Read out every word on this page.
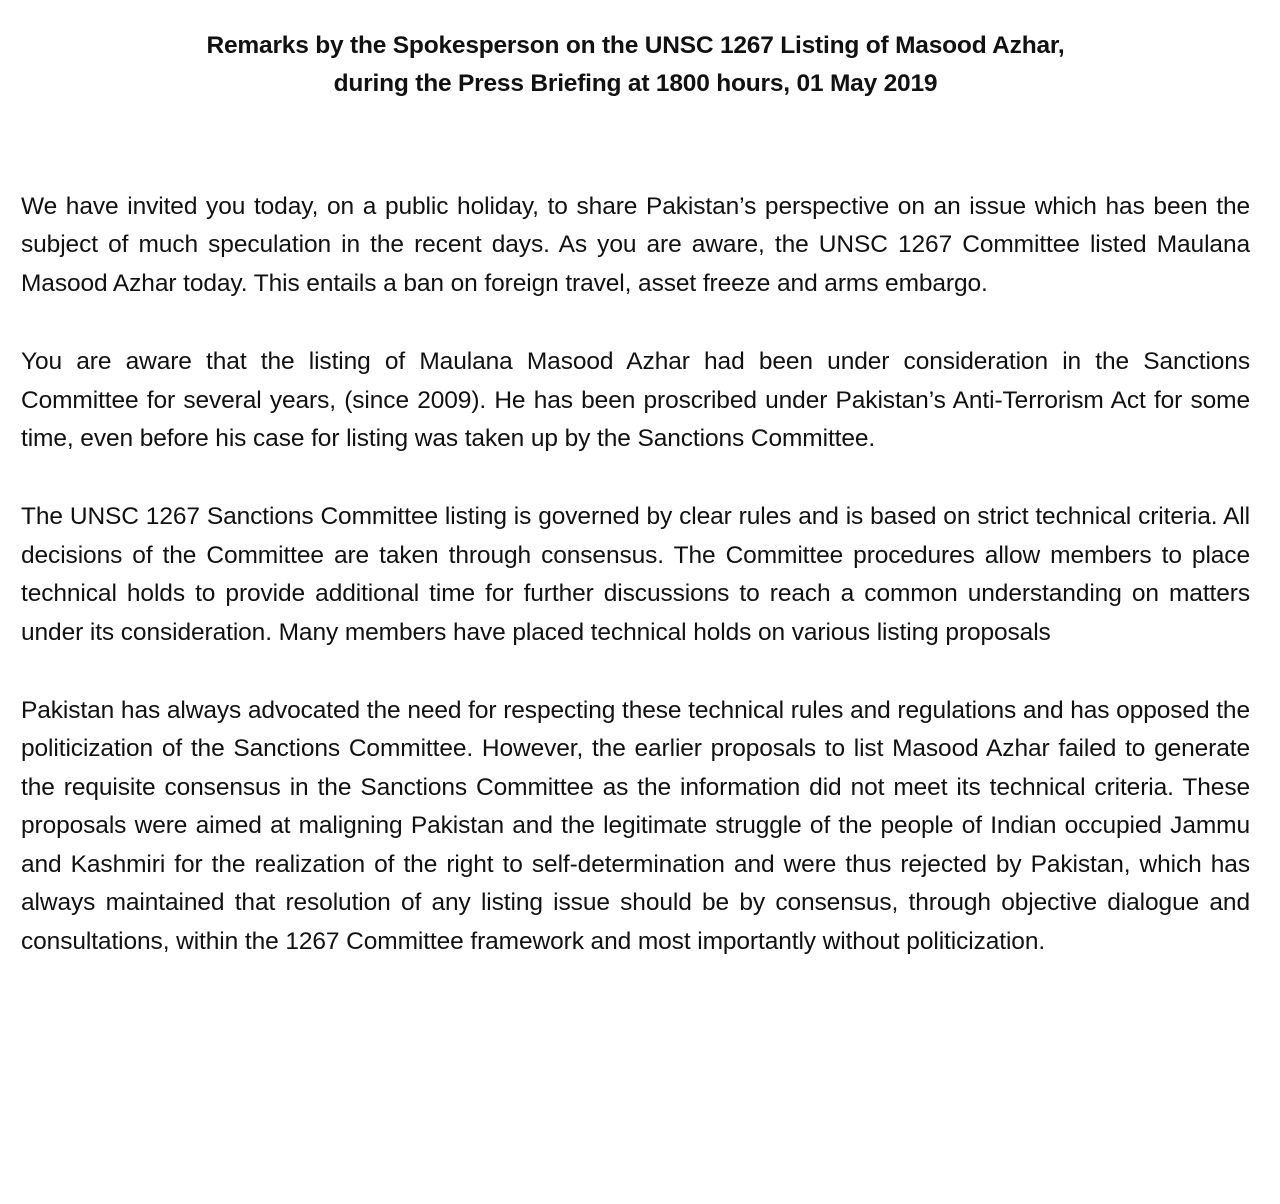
Remarks by the Spokesperson on the UNSC 1267 Listing of Masood Azhar,
during the Press Briefing at 1800 hours, 01 May 2019

We have invited you today, on a public holiday, to share Pakistan’s perspective on an issue which has been the subject of much speculation in the recent days. As you are aware, the UNSC 1267 Committee listed Maulana Masood Azhar today. This entails a ban on foreign travel, asset freeze and arms embargo.

You are aware that the listing of Maulana Masood Azhar had been under consideration in the Sanctions Committee for several years, (since 2009). He has been proscribed under Pakistan’s Anti-Terrorism Act for some time, even before his case for listing was taken up by the Sanctions Committee.

The UNSC 1267 Sanctions Committee listing is governed by clear rules and is based on strict technical criteria. All decisions of the Committee are taken through consensus. The Committee procedures allow members to place technical holds to provide additional time for further discussions to reach a common understanding on matters under its consideration. Many members have placed technical holds on various listing proposals

Pakistan has always advocated the need for respecting these technical rules and regulations and has opposed the politicization of the Sanctions Committee. However, the earlier proposals to list Masood Azhar failed to generate the requisite consensus in the Sanctions Committee as the information did not meet its technical criteria. These proposals were aimed at maligning Pakistan and the legitimate struggle of the people of Indian occupied Jammu and Kashmiri for the realization of the right to self-determination and were thus rejected by Pakistan, which has always maintained that resolution of any listing issue should be by consensus, through objective dialogue and consultations, within the 1267 Committee framework and most importantly without politicization.
